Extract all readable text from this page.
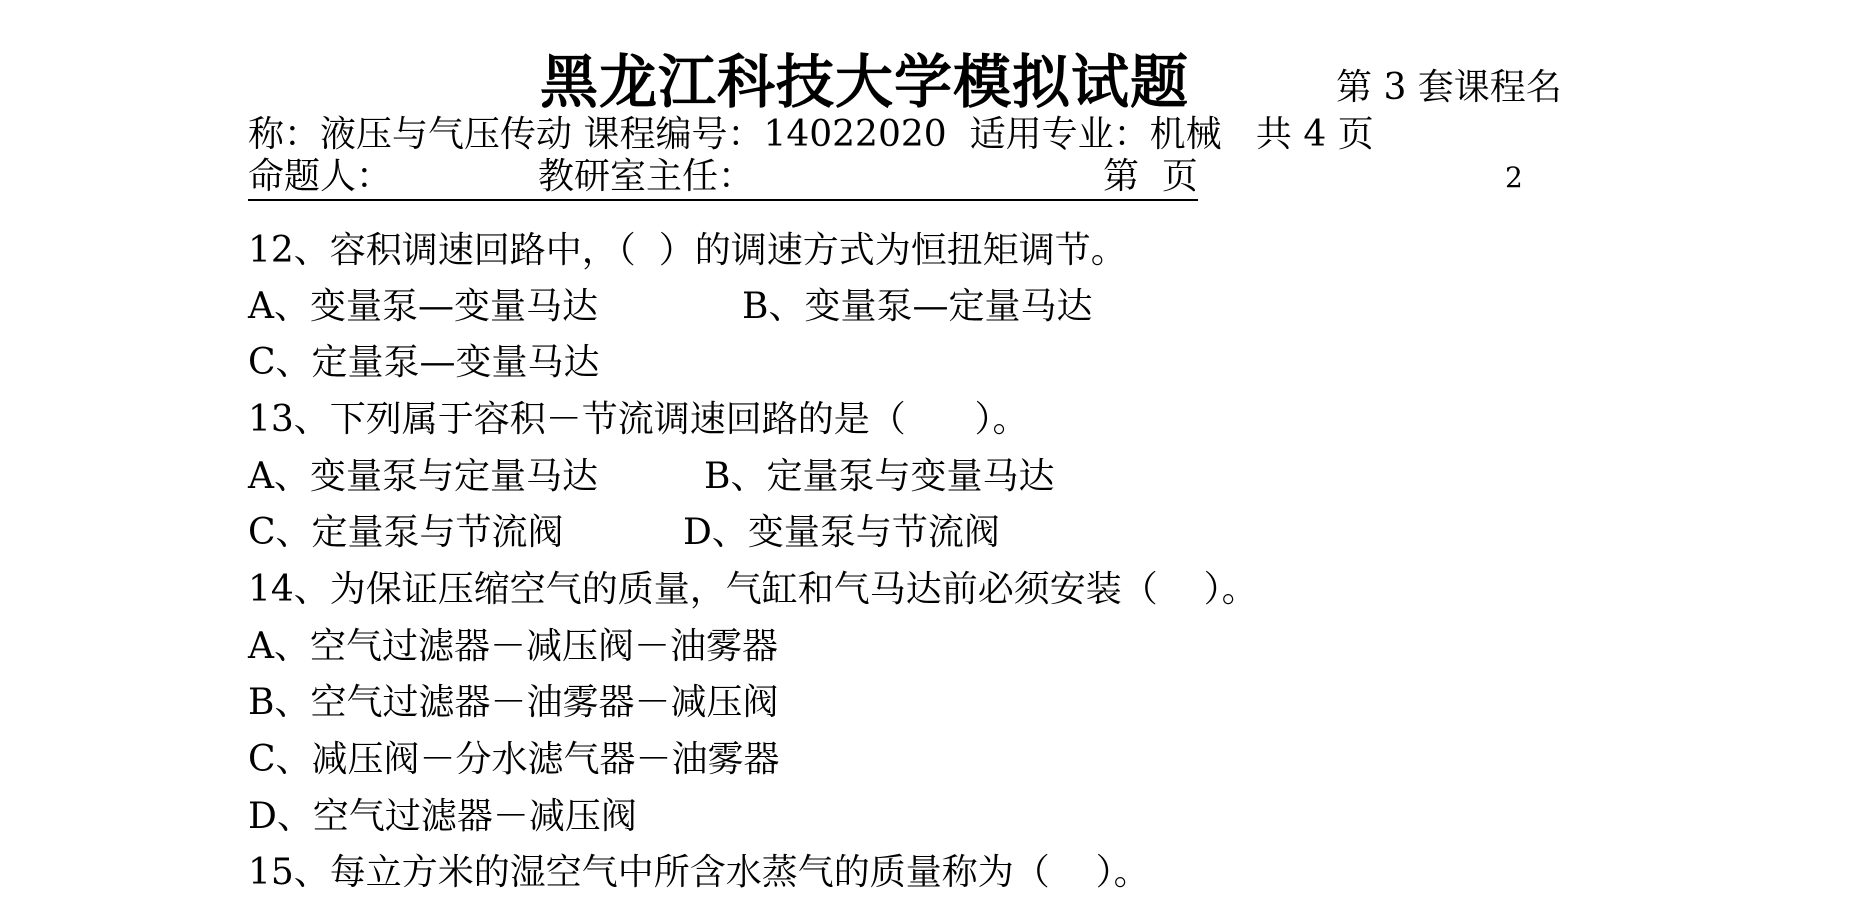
黑龙江科技大学模拟试题	第 3 套课程名
称：液压与气压传动 课程编号：14022020  适用专业：机械 共 4 页
命题人：	教研室主任：	第  页	2
12、容积调速回路中，（  ）的调速方式为恒扭矩调节。
A、变量泵—变量马达	B、变量泵—定量马达
C、定量泵—变量马达
13、下列属于容积－节流调速回路的是（      ）。
A、变量泵与定量马达	B、定量泵与变量马达
C、定量泵与节流阀	D、变量泵与节流阀
14、为保证压缩空气的质量，气缸和气马达前必须安装（    ）。
A、空气过滤器－减压阀－油雾器
B、空气过滤器－油雾器－减压阀
C、减压阀－分水滤气器－油雾器
D、空气过滤器－减压阀
15、每立方米的湿空气中所含水蒸气的质量称为（    ）。
